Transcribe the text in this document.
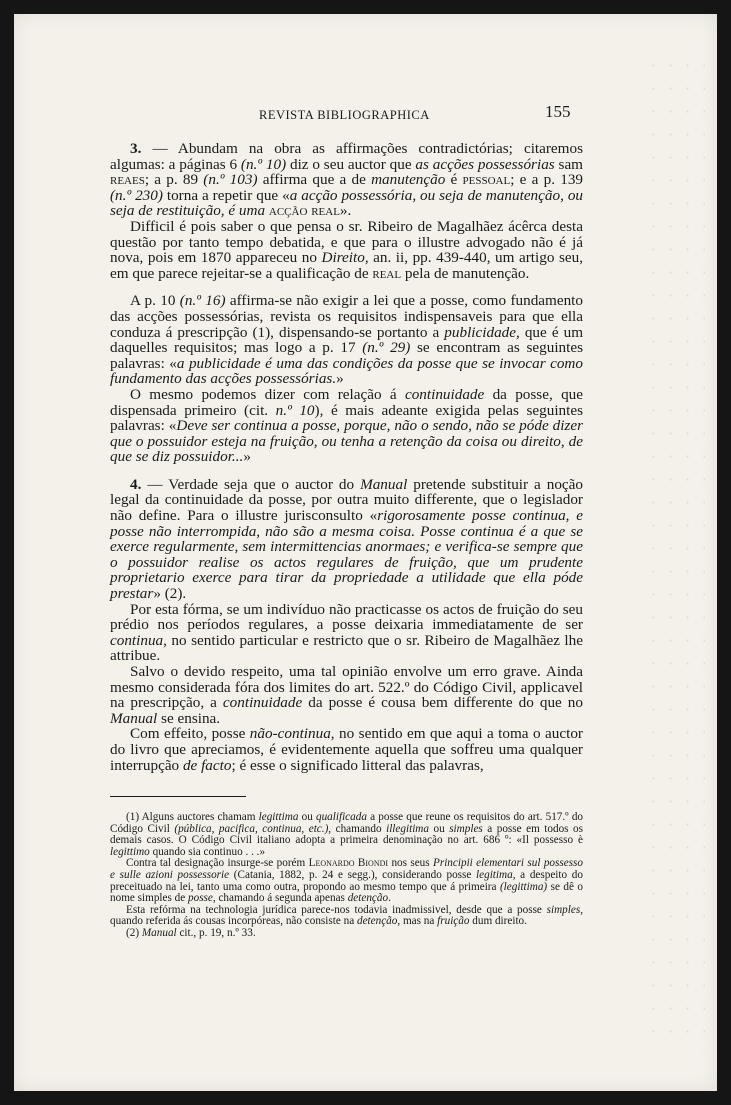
REVISTA BIBLIOGRAPHICA	155

3. — Abundam na obra as affirmações contradictórias; citaremos algumas: a páginas 6 (n.º 10) diz o seu auctor que as acções possessórias sam reaes; a p. 89 (n.º 103) affirma que a de manutenção é pessoal; e a p. 139 (n.º 230) torna a repetir que «a acção possessória, ou seja de manutenção, ou seja de restituição, é uma acção real».

Difficil é pois saber o que pensa o sr. Ribeiro de Magalhãez ácêrca desta questão por tanto tempo debatida, e que para o illustre advogado não é já nova, pois em 1870 appareceu no Direito, an. ii, pp. 439-440, um artigo seu, em que parece rejeitar-se a qualificação de real pela de manutenção.

A p. 10 (n.º 16) affirma-se não exigir a lei que a posse, como fundamento das acções possessórias, revista os requisitos indispensaveis para que ella conduza á prescripção (1), dispensando-se portanto a publicidade, que é um daquelles requisitos; mas logo a p. 17 (n.º 29) se encontram as seguintes palavras: «a publicidade é uma das condições da posse que se invocar como fundamento das acções possessórias.»

O mesmo podemos dizer com relação á continuidade da posse, que dispensada primeiro (cit. n.º 10), é mais adeante exigida pelas seguintes palavras: «Deve ser continua a posse, porque, não o sendo, não se póde dizer que o possuidor esteja na fruição, ou tenha a retenção da coisa ou direito, de que se diz possuidor...»

4. — Verdade seja que o auctor do Manual pretende substituir a noção legal da continuidade da posse, por outra muito differente, que o legislador não define. Para o illustre jurisconsulto «rigorosamente posse continua, e posse não interrompida, não são a mesma coisa. Posse continua é a que se exerce regularmente, sem intermittencias anormaes; e verifica-se sempre que o possuidor realise os actos regulares de fruição, que um prudente proprietario exerce para tirar da propriedade a utilidade que ella póde prestar» (2).

Por esta fórma, se um indivíduo não practicasse os actos de fruição do seu prédio nos períodos regulares, a posse deixaria immediatamente de ser continua, no sentido particular e restricto que o sr. Ribeiro de Magalhãez lhe attribue.

Salvo o devido respeito, uma tal opinião envolve um erro grave. Ainda mesmo considerada fóra dos limites do art. 522.º do Código Civil, applicavel na prescripção, a continuidade da posse é cousa bem differente do que no Manual se ensina.

Com effeito, posse não-continua, no sentido em que aqui a toma o auctor do livro que apreciamos, é evidentemente aquella que soffreu uma qualquer interrupção de facto; é esse o significado litteral das palavras,

(1) Alguns auctores chamam legittima ou qualificada a posse que reune os requisitos do art. 517.º do Código Civil (pública, pacifica, continua, etc.), chamando illegitima ou simples a posse em todos os demais casos. O Código Civil italiano adopta a primeira denominação no art. 686 º: «Il possesso è legittimo quando sia continuo . . .»

Contra tal designação insurge-se porém Leonardo Biondi nos seus Principii elementari sul possesso e sulle azioni possessorie (Catania, 1882, p. 24 e segg.), considerando posse legitima, a despeito do preceituado na lei, tanto uma como outra, propondo ao mesmo tempo que á primeira (legittima) se dê o nome simples de posse, chamando á segunda apenas detenção.

Esta refórma na technologia jurídica parece-nos todavia inadmissivel, desde que a posse simples, quando referida ás cousas incorpóreas, não consiste na detenção, mas na fruição dum direito.

(2) Manual cit., p. 19, n.º 33.
